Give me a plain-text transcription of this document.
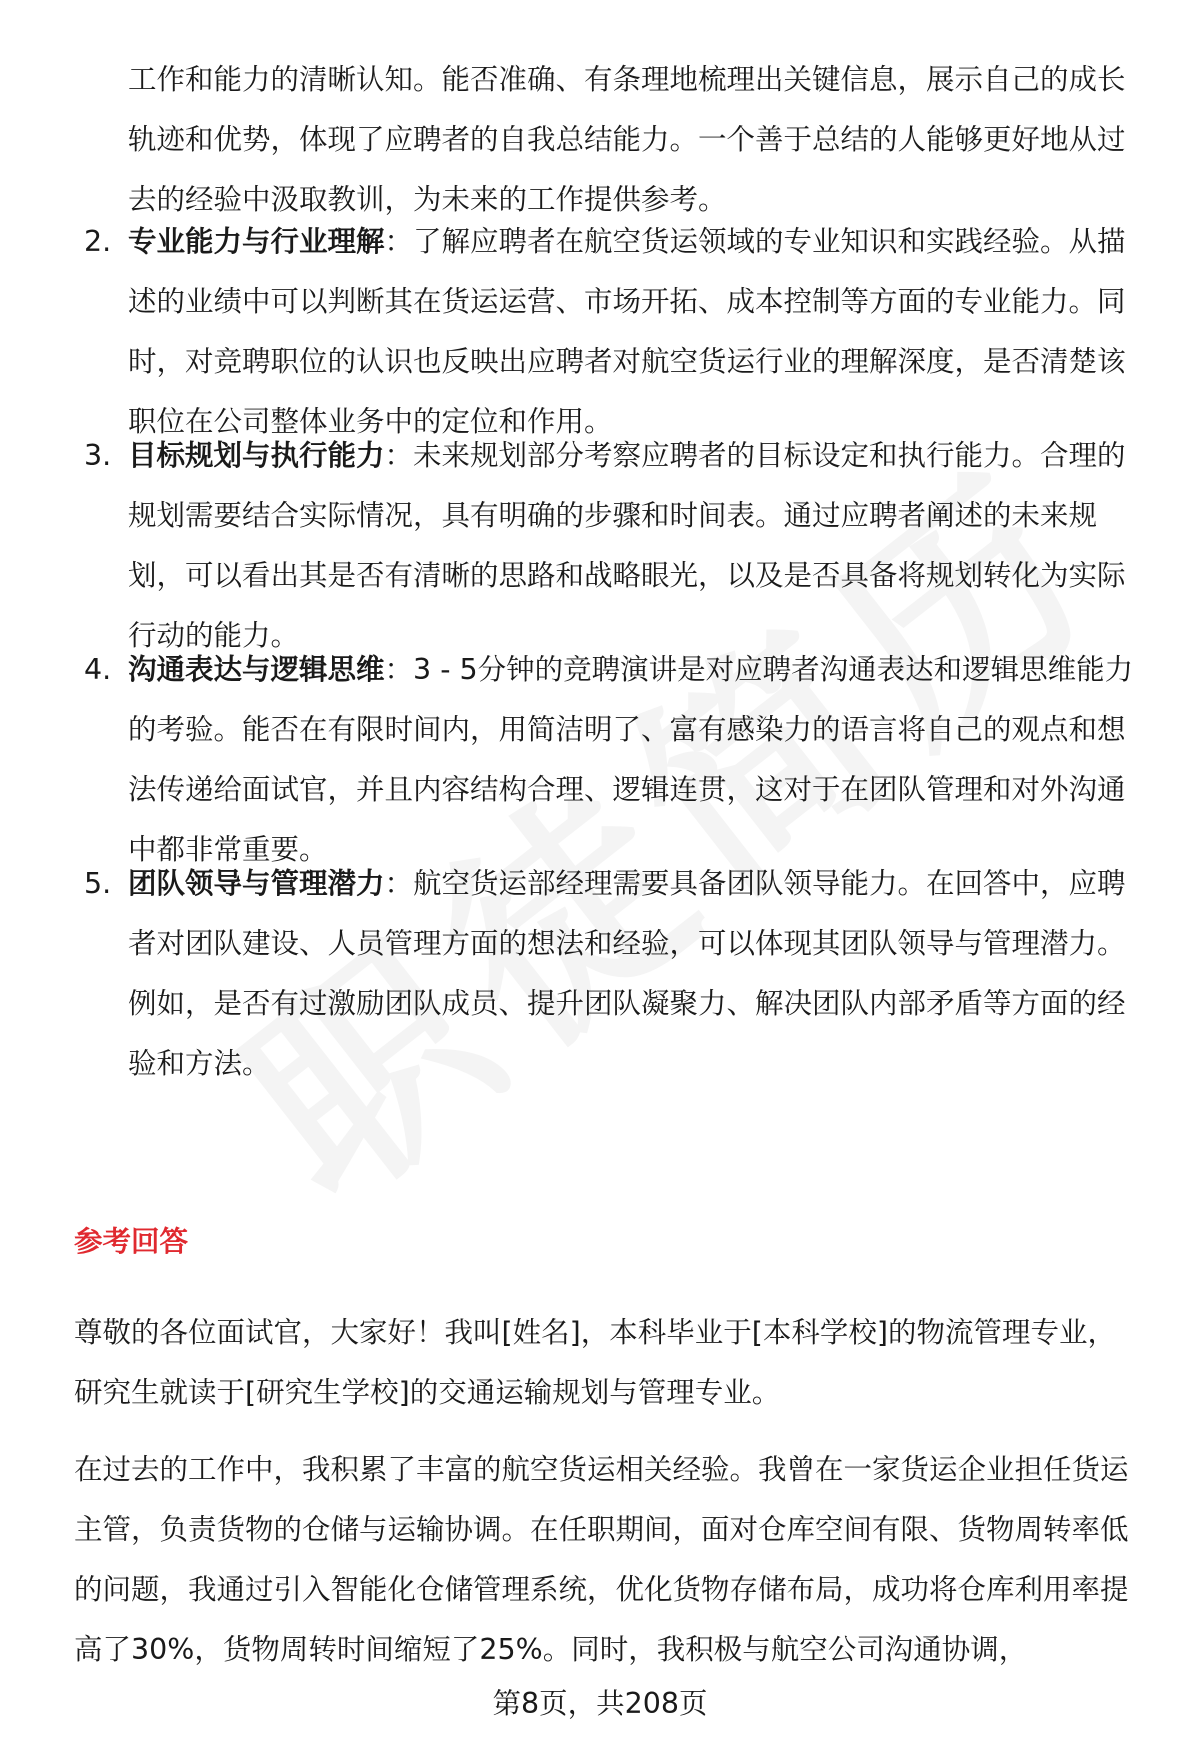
工作和能力的清晰认知。能否准确、有条理地梳理出关键信息，展示自己的成长轨迹和优势，体现了应聘者的自我总结能力。一个善于总结的人能够更好地从过去的经验中汲取教训，为未来的工作提供参考。

2. 专业能力与行业理解：了解应聘者在航空货运领域的专业知识和实践经验。从描述的业绩中可以判断其在货运运营、市场开拓、成本控制等方面的专业能力。同时，对竞聘职位的认识也反映出应聘者对航空货运行业的理解深度，是否清楚该职位在公司整体业务中的定位和作用。

3. 目标规划与执行能力：未来规划部分考察应聘者的目标设定和执行能力。合理的规划需要结合实际情况，具有明确的步骤和时间表。通过应聘者阐述的未来规划，可以看出其是否有清晰的思路和战略眼光，以及是否具备将规划转化为实际行动的能力。

4. 沟通表达与逻辑思维：3 - 5分钟的竞聘演讲是对应聘者沟通表达和逻辑思维能力的考验。能否在有限时间内，用简洁明了、富有感染力的语言将自己的观点和想法传递给面试官，并且内容结构合理、逻辑连贯，这对于在团队管理和对外沟通中都非常重要。

5. 团队领导与管理潜力：航空货运部经理需要具备团队领导能力。在回答中，应聘者对团队建设、人员管理方面的想法和经验，可以体现其团队领导与管理潜力。例如，是否有过激励团队成员、提升团队凝聚力、解决团队内部矛盾等方面的经验和方法。

参考回答

尊敬的各位面试官，大家好！我叫[姓名]，本科毕业于[本科学校]的物流管理专业，研究生就读于[研究生学校]的交通运输规划与管理专业。

在过去的工作中，我积累了丰富的航空货运相关经验。我曾在一家货运企业担任货运主管，负责货物的仓储与运输协调。在任职期间，面对仓库空间有限、货物周转率低的问题，我通过引入智能化仓储管理系统，优化货物存储布局，成功将仓库利用率提高了30%，货物周转时间缩短了25%。同时，我积极与航空公司沟通协调，

第8页，共208页
